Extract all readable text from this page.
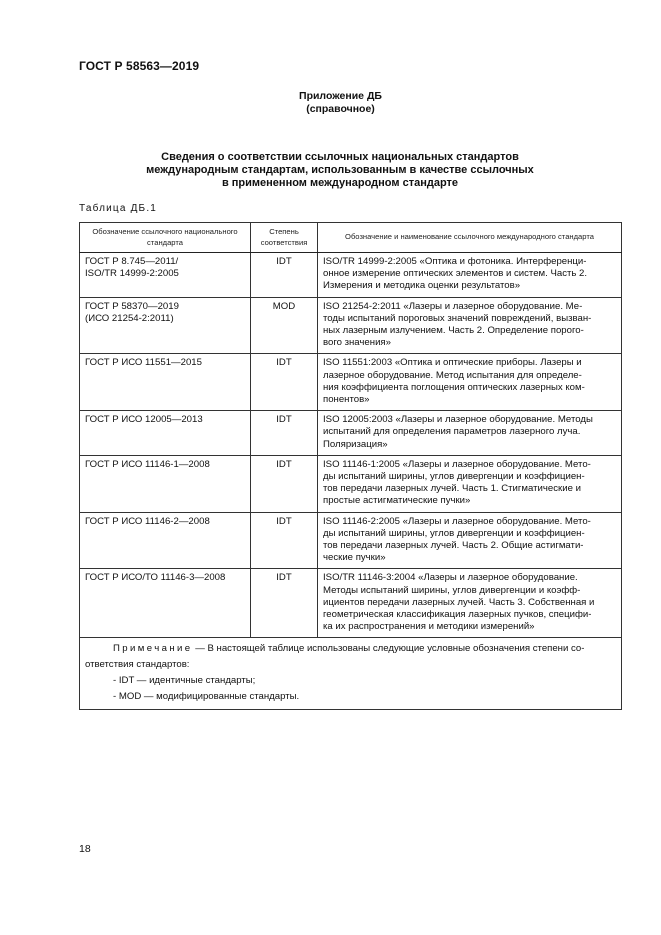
ГОСТ Р 58563—2019
Приложение ДБ
(справочное)
Сведения о соответствии ссылочных национальных стандартов
международным стандартам, использованным в качестве ссылочных
в примененном международном стандарте
Таблица ДБ.1
Обозначение ссылочного национального стандарта	Степень соответствия	Обозначение и наименование ссылочного международного стандарта
ГОСТ Р 8.745—2011/
ISO/TR 14999-2:2005	IDT	ISO/TR 14999-2:2005 «Оптика и фотоника. Интерференци-
онное измерение оптических элементов и систем. Часть 2.
Измерения и методика оценки результатов»
ГОСТ Р 58370—2019
(ИСО 21254-2:2011)	MOD	ISO 21254-2:2011 «Лазеры и лазерное оборудование. Ме-
тоды испытаний пороговых значений повреждений, вызван-
ных лазерным излучением. Часть 2. Определение порого-
вого значения»
ГОСТ Р ИСО 11551—2015	IDT	ISO 11551:2003 «Оптика и оптические приборы. Лазеры и
лазерное оборудование. Метод испытания для определе-
ния коэффициента поглощения оптических лазерных ком-
понентов»
ГОСТ Р ИСО 12005—2013	IDT	ISO 12005:2003 «Лазеры и лазерное оборудование. Методы
испытаний для определения параметров лазерного луча.
Поляризация»
ГОСТ Р ИСО 11146-1—2008	IDT	ISO 11146-1:2005 «Лазеры и лазерное оборудование. Мето-
ды испытаний ширины, углов дивергенции и коэффициен-
тов передачи лазерных лучей. Часть 1. Стигматические и
простые астигматические пучки»
ГОСТ Р ИСО 11146-2—2008	IDT	ISO 11146-2:2005 «Лазеры и лазерное оборудование. Мето-
ды испытаний ширины, углов дивергенции и коэффициен-
тов передачи лазерных лучей. Часть 2. Общие астигмати-
ческие пучки»
ГОСТ Р ИСО/ТО 11146-3—2008	IDT	ISO/TR 11146-3:2004 «Лазеры и лазерное оборудование.
Методы испытаний ширины, углов дивергенции и коэфф-
ициентов передачи лазерных лучей. Часть 3. Собственная и
геометрическая классификация лазерных пучков, специфи-
ка их распространения и методики измерений»

Примечание — В настоящей таблице использованы следующие условные обозначения степени со-
ответствия стандартов:
- IDT — идентичные стандарты;
- MOD — модифицированные стандарты.		
18
